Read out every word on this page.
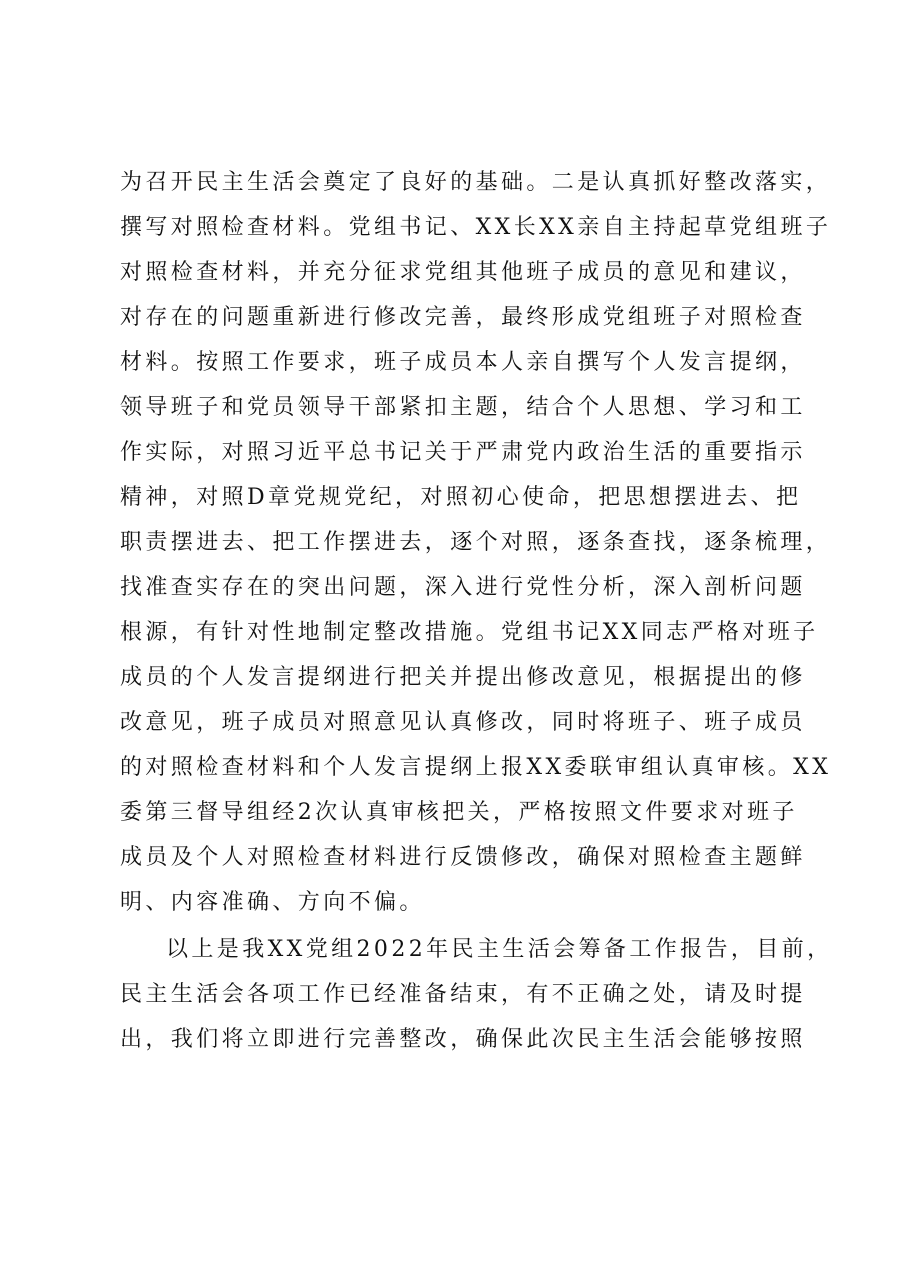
为召开民主生活会奠定了良好的基础。二是认真抓好整改落实，
撰写对照检查材料。党组书记、XX长XX亲自主持起草党组班子
对照检查材料，并充分征求党组其他班子成员的意见和建议，
对存在的问题重新进行修改完善，最终形成党组班子对照检查
材料。按照工作要求，班子成员本人亲自撰写个人发言提纲，
领导班子和党员领导干部紧扣主题，结合个人思想、学习和工
作实际，对照习近平总书记关于严肃党内政治生活的重要指示
精神，对照D章党规党纪，对照初心使命，把思想摆进去、把
职责摆进去、把工作摆进去，逐个对照，逐条查找，逐条梳理，
找准查实存在的突出问题，深入进行党性分析，深入剖析问题
根源，有针对性地制定整改措施。党组书记XX同志严格对班子
成员的个人发言提纲进行把关并提出修改意见，根据提出的修
改意见，班子成员对照意见认真修改，同时将班子、班子成员
的对照检查材料和个人发言提纲上报XX委联审组认真审核。XX
委第三督导组经2次认真审核把关，严格按照文件要求对班子
成员及个人对照检查材料进行反馈修改，确保对照检查主题鲜
明、内容准确、方向不偏。
以上是我XX党组2022年民主生活会筹备工作报告，目前，
民主生活会各项工作已经准备结束，有不正确之处，请及时提
出，我们将立即进行完善整改，确保此次民主生活会能够按照
